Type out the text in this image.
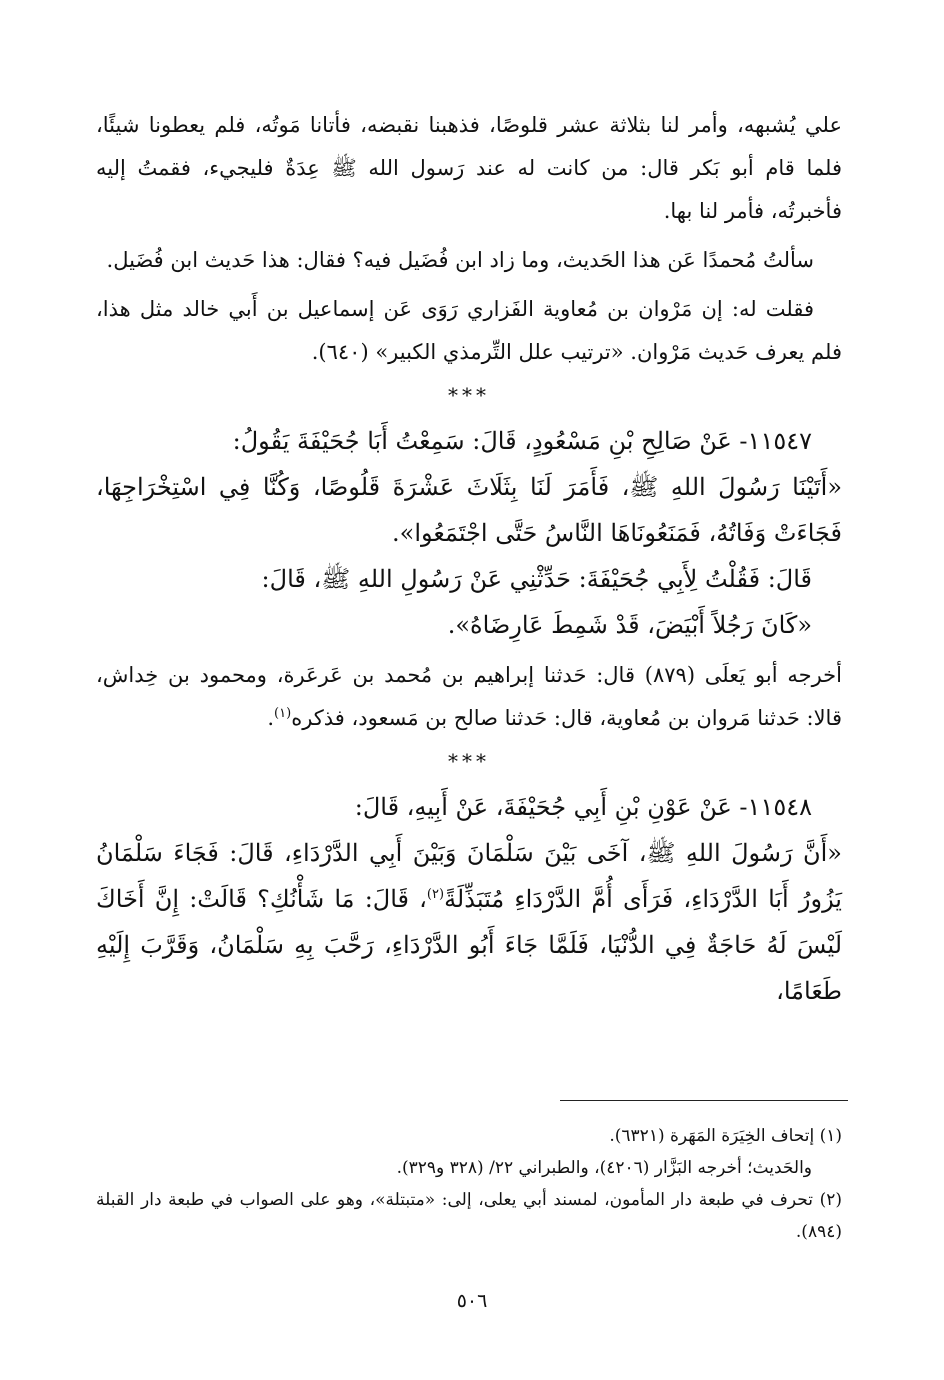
علي يُشبهه، وأمر لنا بثلاثة عشر قلوصًا، فذهبنا نقبضه، فأتانا مَوتُه، فلم يعطونا شيئًا، فلما قام أبو بَكر قال: من كانت له عند رَسول الله ﷺ عِدَةٌ فليجيء، فقمتُ إليه فأخبرتُه، فأمر لنا بها.

سألتُ مُحمدًا عَن هذا الحَديث، وما زاد ابن فُضَيل فيه؟ فقال: هذا حَديث ابن فُضَيل.

فقلت له: إن مَرْوان بن مُعاوية الفَزاري رَوَى عَن إسماعيل بن أَبي خالد مثل هذا، فلم يعرف حَديث مَرْوان. «ترتيب علل التِّرمذي الكبير» (٦٤٠).

***

١١٥٤٧- عَنْ صَالِحِ بْنِ مَسْعُودٍ، قَالَ: سَمِعْتُ أَبَا جُحَيْفَةَ يَقُولُ:

«أَتَيْنَا رَسُولَ اللهِ ﷺ، فَأَمَرَ لَنَا بِثَلَاثَ عَشْرَةَ قَلُوصًا، وَكُنَّا فِي اسْتِخْرَاجِهَا، فَجَاءَتْ وَفَاتُهُ، فَمَنَعُونَاهَا النَّاسُ حَتَّى اجْتَمَعُوا».

قَالَ: فَقُلْتُ لِأَبِي جُحَيْفَةَ: حَدِّثْنِي عَنْ رَسُولِ اللهِ ﷺ، قَالَ:

«كَانَ رَجُلاً أَبْيَضَ، قَدْ شَمِطَ عَارِضَاهُ».

أخرجه أبو يَعلَى (٨٧٩) قال: حَدثنا إبراهيم بن مُحمد بن عَرعَرة، ومحمود بن خِداش، قالا: حَدثنا مَروان بن مُعاوية، قال: حَدثنا صالح بن مَسعود، فذكره$^{(١)}$.

***

١١٥٤٨- عَنْ عَوْنِ بْنِ أَبِي جُحَيْفَةَ، عَنْ أَبِيهِ، قَالَ:

«أَنَّ رَسُولَ اللهِ ﷺ، آخَى بَيْنَ سَلْمَانَ وَبَيْنَ أَبِي الدَّرْدَاءِ، قَالَ: فَجَاءَ سَلْمَانُ يَزُورُ أَبَا الدَّرْدَاءِ، فَرَأَى أُمَّ الدَّرْدَاءِ مُتَبَذِّلَةً$^{(٢)}$، قَالَ: مَا شَأْنُكِ؟ قَالَتْ: إِنَّ أَخَاكَ لَيْسَ لَهُ حَاجَةٌ فِي الدُّنْيَا، فَلَمَّا جَاءَ أَبُو الدَّرْدَاءِ، رَحَّبَ بِهِ سَلْمَانُ، وَقَرَّبَ إِلَيْهِ طَعَامًا،

(١) إتحاف الخِيَرَة المَهَرة (٦٣٢١).

والحَديث؛ أخرجه البَزَّار (٤٢٠٦)، والطبراني ٢٢/ (٣٢٨ و٣٢٩).

(٢) تحرف في طبعة دار المأمون، لمسند أبي يعلى، إلى: «متبتلة»، وهو على الصواب في طبعة دار القبلة (٨٩٤).

٥٠٦
